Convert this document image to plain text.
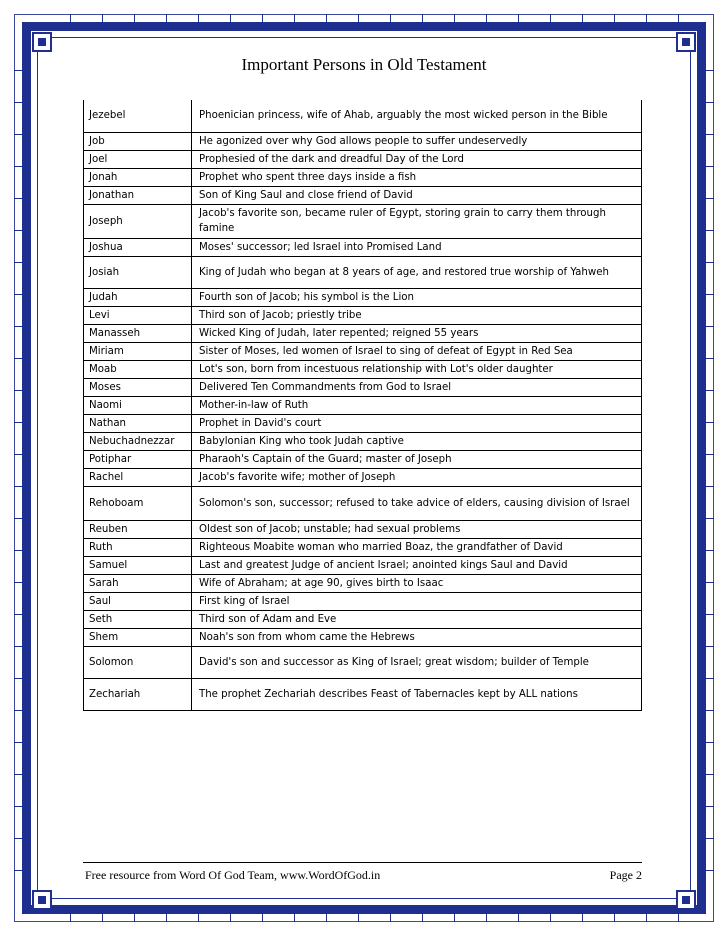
Important Persons in Old Testament
Jezebel	Phoenician princess, wife of Ahab, arguably the most wicked person in the Bible
Job	He agonized over why God allows people to suffer undeservedly
Joel	Prophesied of the dark and dreadful Day of the Lord
Jonah	Prophet who spent three days inside a fish
Jonathan	Son of King Saul and close friend of David
Joseph	Jacob's favorite son, became ruler of Egypt, storing grain to carry them through famine
Joshua	Moses' successor; led Israel into Promised Land
Josiah	King of Judah who began at 8 years of age, and restored true worship of Yahweh
Judah	Fourth son of Jacob; his symbol is the Lion
Levi	Third son of Jacob; priestly tribe
Manasseh	Wicked King of Judah, later repented; reigned 55 years
Miriam	Sister of Moses, led women of Israel to sing of defeat of Egypt in Red Sea
Moab	Lot's son, born from incestuous relationship with Lot's older daughter
Moses	Delivered Ten Commandments from God to Israel
Naomi	Mother-in-law of Ruth
Nathan	Prophet in David's court
Nebuchadnezzar	Babylonian King who took Judah captive
Potiphar	Pharaoh's Captain of the Guard; master of Joseph
Rachel	Jacob's favorite wife; mother of Joseph
Rehoboam	Solomon's son, successor; refused to take advice of elders, causing division of Israel
Reuben	Oldest son of Jacob; unstable; had sexual problems
Ruth	Righteous Moabite woman who married Boaz, the grandfather of David
Samuel	Last and greatest Judge of ancient Israel; anointed kings Saul and David
Sarah	Wife of Abraham; at age 90, gives birth to Isaac
Saul	First king of Israel
Seth	Third son of Adam and Eve
Shem	Noah's son from whom came the Hebrews
Solomon	David's son and successor as King of Israel; great wisdom; builder of Temple
Zechariah	The prophet Zechariah describes Feast of Tabernacles kept by ALL nations
Free resource from Word Of God Team, www.WordOfGod.in	Page 2
